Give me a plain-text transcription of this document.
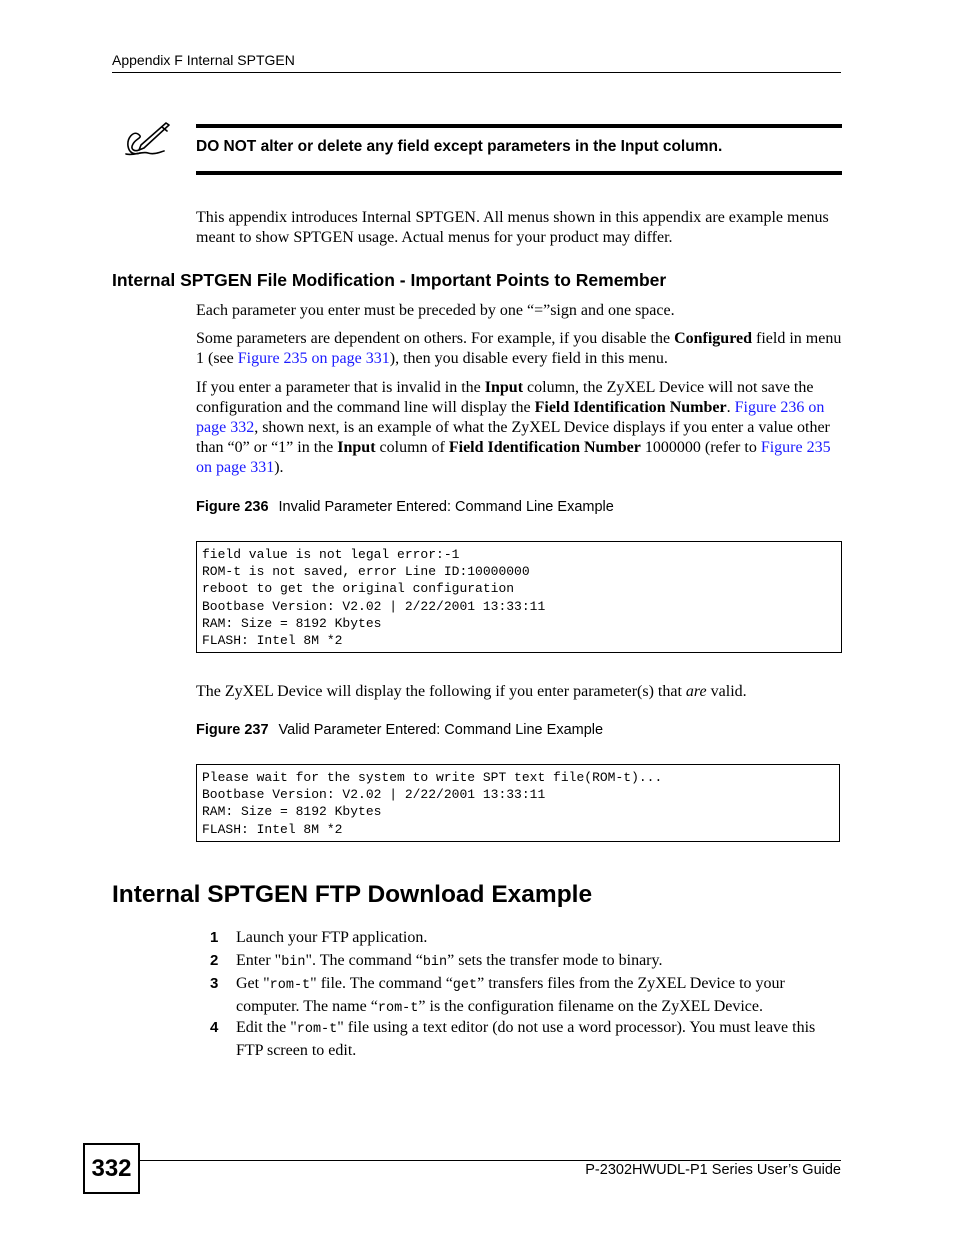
Appendix F Internal SPTGEN
DO NOT alter or delete any field except parameters in the Input column.
This appendix introduces Internal SPTGEN. All menus shown in this appendix are example menus meant to show SPTGEN usage. Actual menus for your product may differ.
Internal SPTGEN File Modification - Important Points to Remember
Each parameter you enter must be preceded by one “=”sign and one space.
Some parameters are dependent on others. For example, if you disable the Configured field in menu 1 (see Figure 235 on page 331), then you disable every field in this menu.
If you enter a parameter that is invalid in the Input column, the ZyXEL Device will not save the configuration and the command line will display the Field Identification Number. Figure 236 on page 332, shown next, is an example of what the ZyXEL Device displays if you enter a value other than “0” or “1” in the Input column of Field Identification Number 1000000 (refer to Figure 235 on page 331).
Figure 236 Invalid Parameter Entered: Command Line Example
field value is not legal error:-1
ROM-t is not saved, error Line ID:10000000
reboot to get the original configuration
Bootbase Version: V2.02 | 2/22/2001 13:33:11
RAM: Size = 8192 Kbytes
FLASH: Intel 8M *2
The ZyXEL Device will display the following if you enter parameter(s) that are valid.
Figure 237 Valid Parameter Entered: Command Line Example
Please wait for the system to write SPT text file(ROM-t)...
Bootbase Version: V2.02 | 2/22/2001 13:33:11
RAM: Size = 8192 Kbytes
FLASH: Intel 8M *2
Internal SPTGEN FTP Download Example
1 Launch your FTP application.
2 Enter "bin". The command “bin” sets the transfer mode to binary.
3 Get "rom-t" file. The command “get” transfers files from the ZyXEL Device to your computer. The name “rom-t” is the configuration filename on the ZyXEL Device.
4 Edit the "rom-t" file using a text editor (do not use a word processor). You must leave this FTP screen to edit.
332	P-2302HWUDL-P1 Series User’s Guide
